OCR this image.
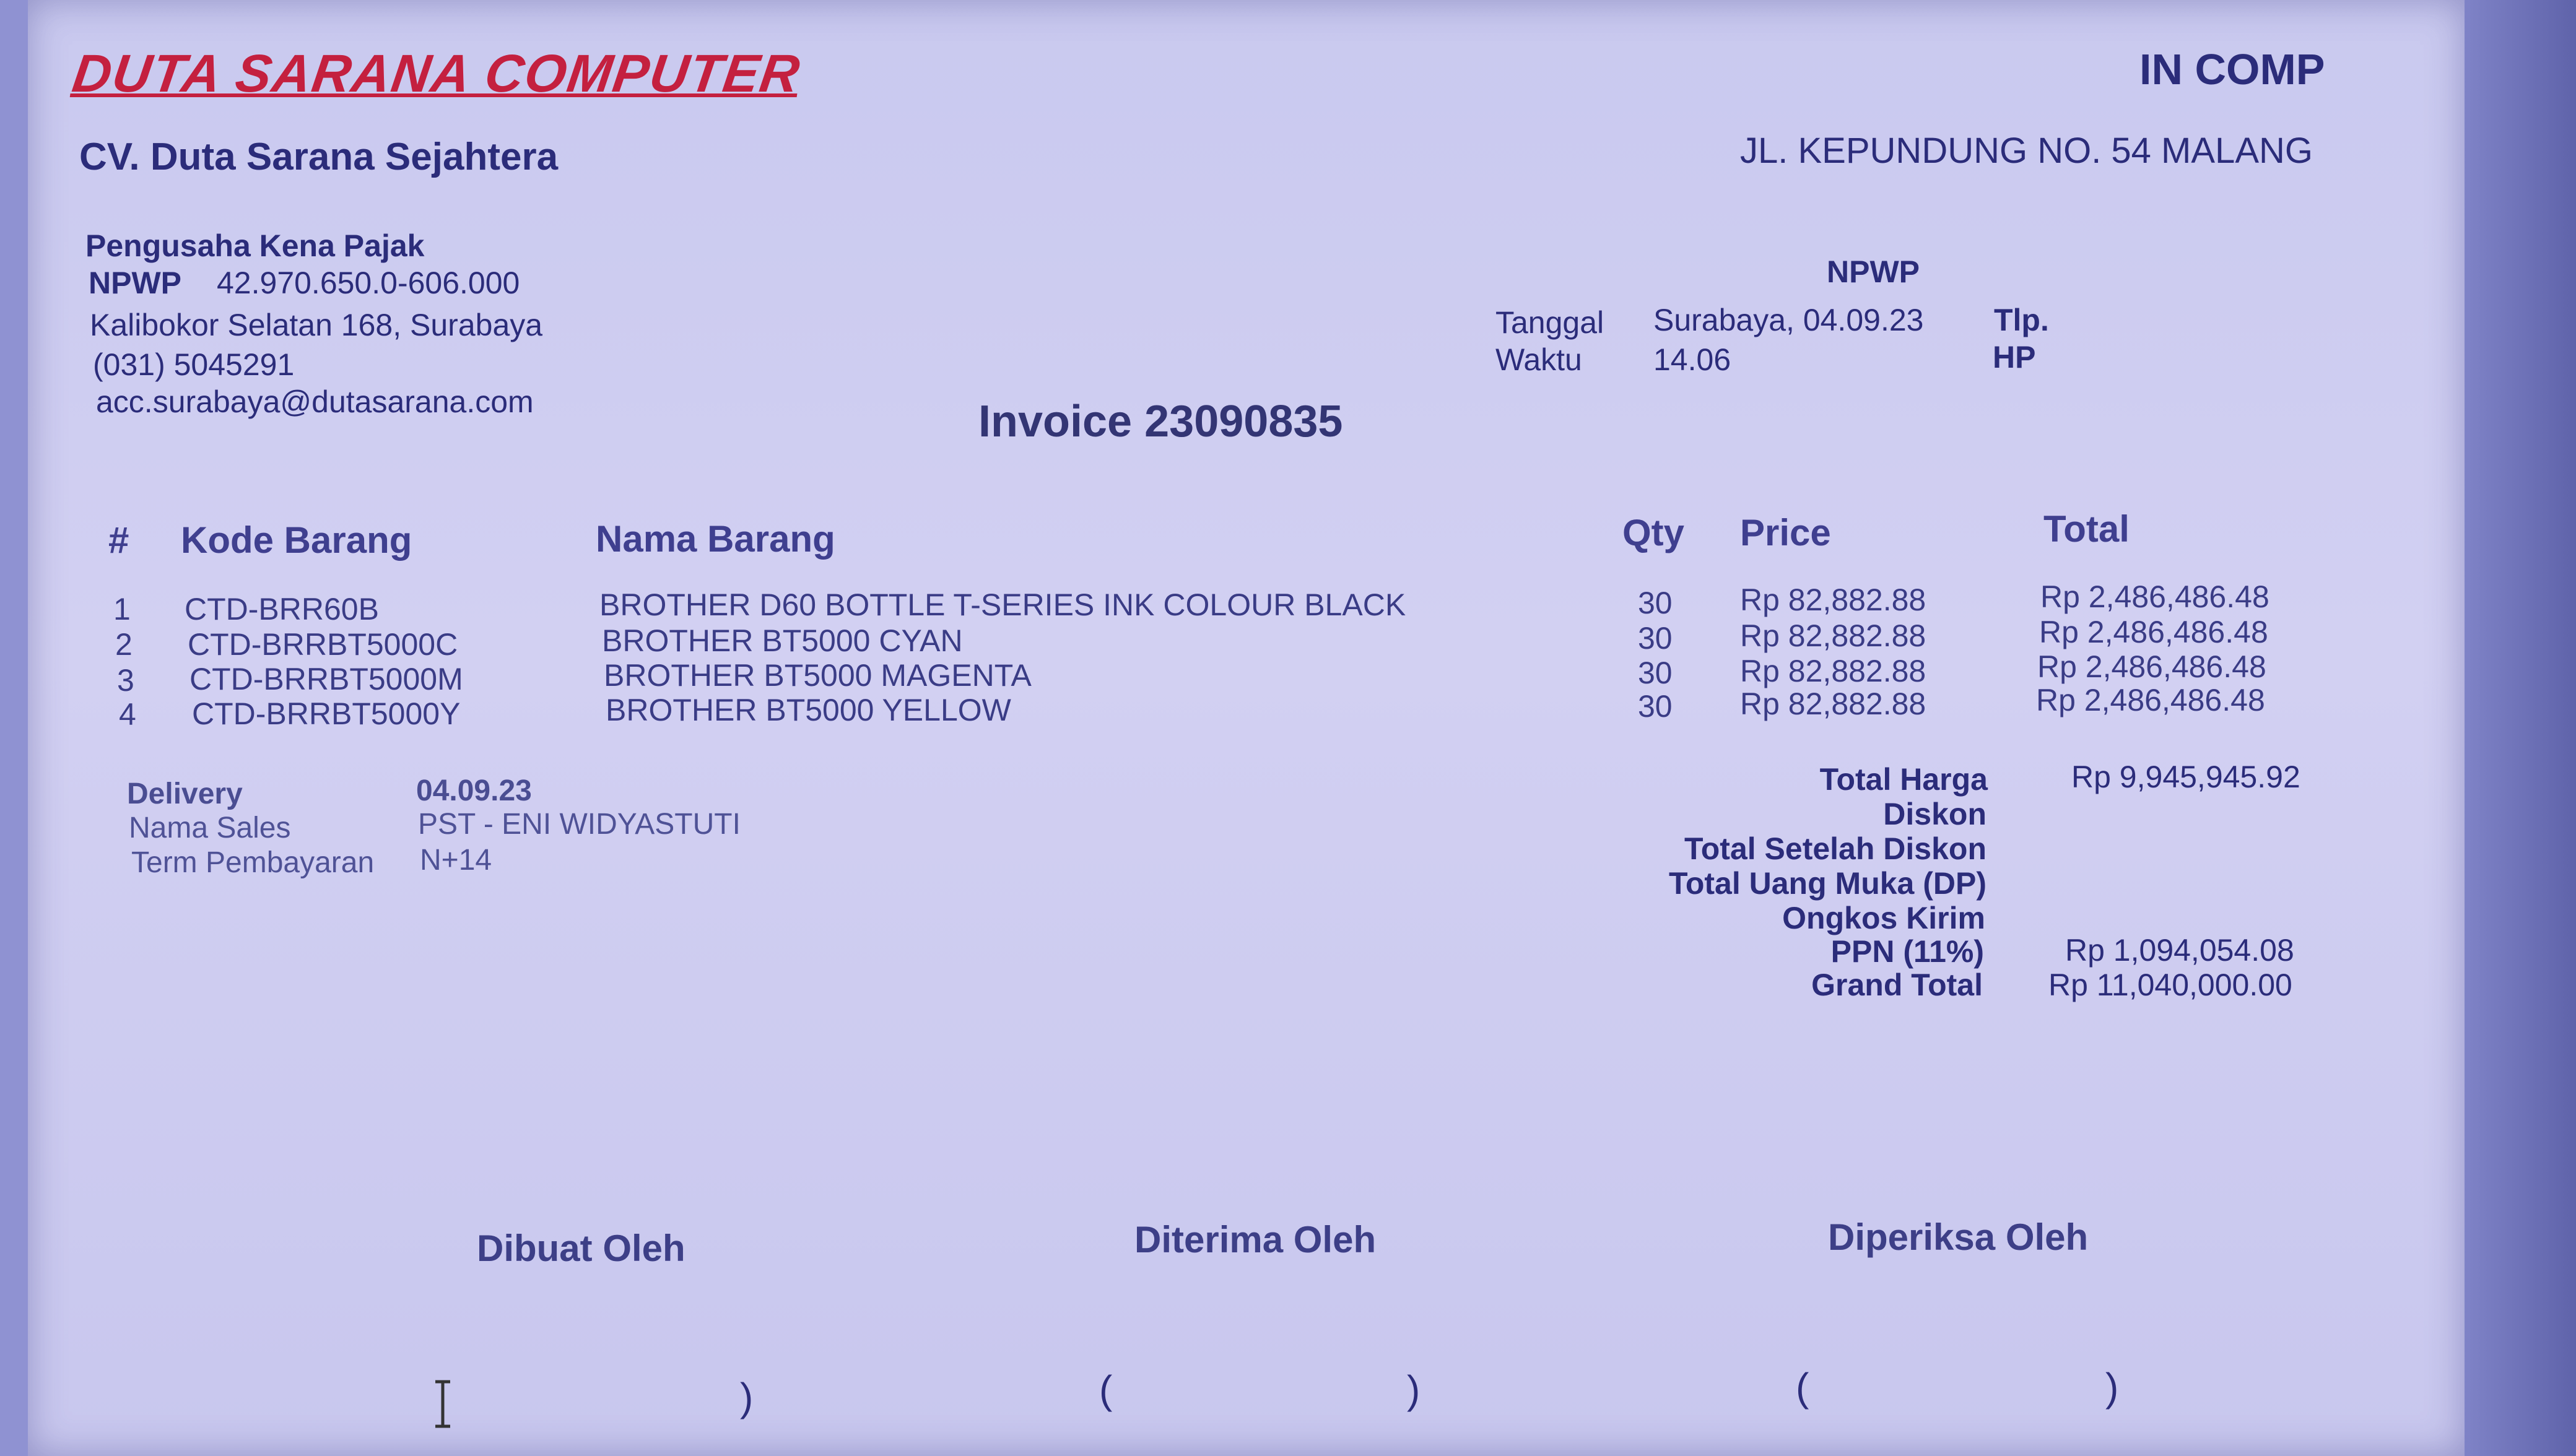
DUTA SARANA COMPUTER
CV. Duta Sarana Sejahtera
Pengusaha Kena Pajak
NPWP 42.970.650.0-606.000
Kalibokor Selatan 168, Surabaya
(031) 5045291
acc.surabaya@dutasarana.com
IN COMP
JL. KEPUNDUNG NO. 54 MALANG
NPWP
Tanggal Surabaya, 04.09.23 Tlp.
Waktu 14.06	HP
Invoice 23090835
# Kode Barang	Nama Barang	Qty Price	Total
1 CTD-BRR60B	BROTHER D60 BOTTLE T-SERIES INK COLOUR BLACK	30 Rp 82,882.88	Rp 2,486,486.48
2 CTD-BRRBT5000C	BROTHER BT5000 CYAN	30 Rp 82,882.88	Rp 2,486,486.48
3 CTD-BRRBT5000M	BROTHER BT5000 MAGENTA	30 Rp 82,882.88	Rp 2,486,486.48
4 CTD-BRRBT5000Y	BROTHER BT5000 YELLOW	30 Rp 82,882.88	Rp 2,486,486.48
Delivery	04.09.23
Nama Sales	PST - ENI WIDYASTUTI
Term Pembayaran N+14
Total Harga	Rp 9,945,945.92
Diskon
Total Setelah Diskon
Total Uang Muka (DP)
Ongkos Kirim
PPN (11%)	Rp 1,094,054.08
Grand Total Rp 11,040,000.00
Dibuat Oleh	Diterima Oleh	Diperiksa Oleh
)	(	)	(	)
